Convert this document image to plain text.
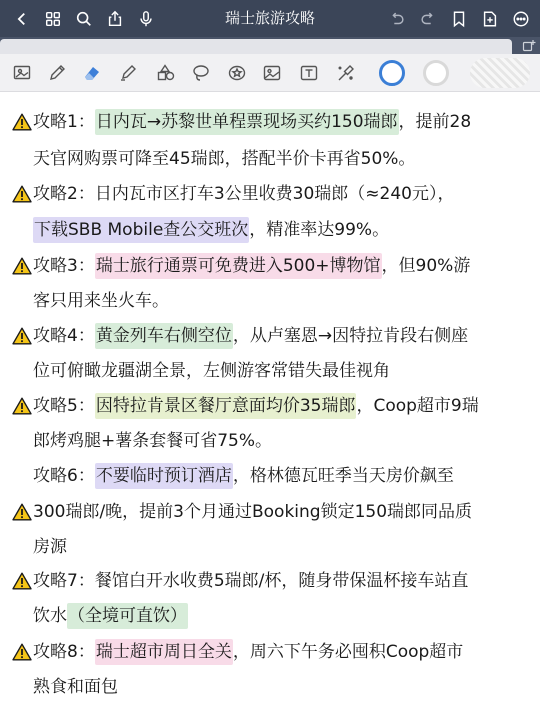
瑞士旅游攻略
攻略1：日内瓦→苏黎世单程票现场买约150瑞郎，提前28
天官网购票可降至45瑞郎，搭配半价卡再省50%。
攻略2：日内瓦市区打车3公里收费30瑞郎（≈240元），
下载SBB Mobile查公交班次，精准率达99%。
攻略3：瑞士旅行通票可免费进入500+博物馆，但90%游
客只用来坐火车。
攻略4：黄金列车右侧空位，从卢塞恩→因特拉肯段右侧座
位可俯瞰龙疆湖全景，左侧游客常错失最佳视角
攻略5：因特拉肯景区餐厅意面均价35瑞郎，Coop超市9瑞
郎烤鸡腿+薯条套餐可省75%。
攻略6：不要临时预订酒店，格林德瓦旺季当天房价飙至
300瑞郎/晚，提前3个月通过Booking锁定150瑞郎同品质
房源
攻略7：餐馆白开水收费5瑞郎/杯，随身带保温杯接车站直
饮水（全境可直饮）
攻略8：瑞士超市周日全关，周六下午务必囤积Coop超市
熟食和面包
